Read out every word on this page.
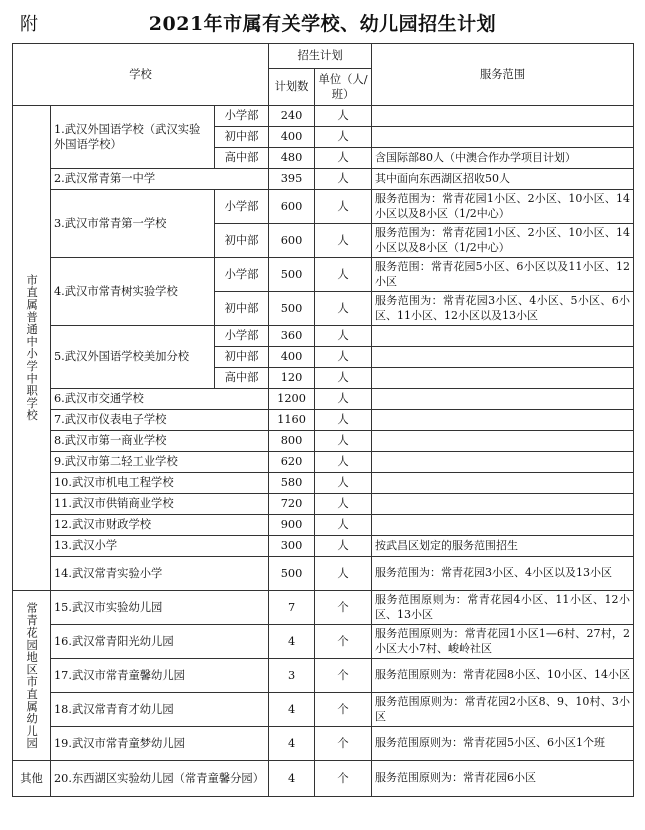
附	2021年市属有关学校、幼儿园招生计划
学校			招生计划		服务范围
			计划数	单位（人/班）	
市直属普通中小学中职学校	1.武汉外国语学校（武汉实验外国语学校）	小学部	240	人	
		初中部	400	人	
		高中部	480	人	含国际部80人（中澳合作办学项目计划）
	2.武汉常青第一中学		395	人	其中面向东西湖区招收50人
	3.武汉市常青第一学校	小学部	600	人	服务范围为：常青花园1小区、2小区、10小区、14小区以及8小区（1/2中心）
		初中部	600	人	服务范围为：常青花园1小区、2小区、10小区、14小区以及8小区（1/2中心）
	4.武汉市常青树实验学校	小学部	500	人	服务范围：常青花园5小区、6小区以及11小区、12小区
		初中部	500	人	服务范围为：常青花园3小区、4小区、5小区、6小区、11小区、12小区以及13小区
	5.武汉外国语学校美加分校	小学部	360	人	
		初中部	400	人	
		高中部	120	人	
	6.武汉市交通学校		1200	人	
	7.武汉市仪表电子学校		1160	人	
	8.武汉市第一商业学校		800	人	
	9.武汉市第二轻工业学校		620	人	
	10.武汉市机电工程学校		580	人	
	11.武汉市供销商业学校		720	人	
	12.武汉市财政学校		900	人	
	13.武汉小学		300	人	按武昌区划定的服务范围招生
	14.武汉常青实验小学		500	人	服务范围为：常青花园3小区、4小区以及13小区
常青花园地区市直属幼儿园	15.武汉市实验幼儿园		7	个	服务范围原则为：常青花园4小区、11小区、12小区、13小区
	16.武汉常青阳光幼儿园		4	个	服务范围原则为：常青花园1小区1—6村、27村，2小区大小7村、峻岭社区
	17.武汉市常青童馨幼儿园		3	个	服务范围原则为：常青花园8小区、10小区、14小区
	18.武汉常青育才幼儿园		4	个	服务范围原则为：常青花园2小区8、9、10村、3小区
	19.武汉市常青童梦幼儿园		4	个	服务范围原则为：常青花园5小区、6小区1个班
其他	20.东西湖区实验幼儿园（常青童馨分园）		4	个	服务范围原则为：常青花园6小区
